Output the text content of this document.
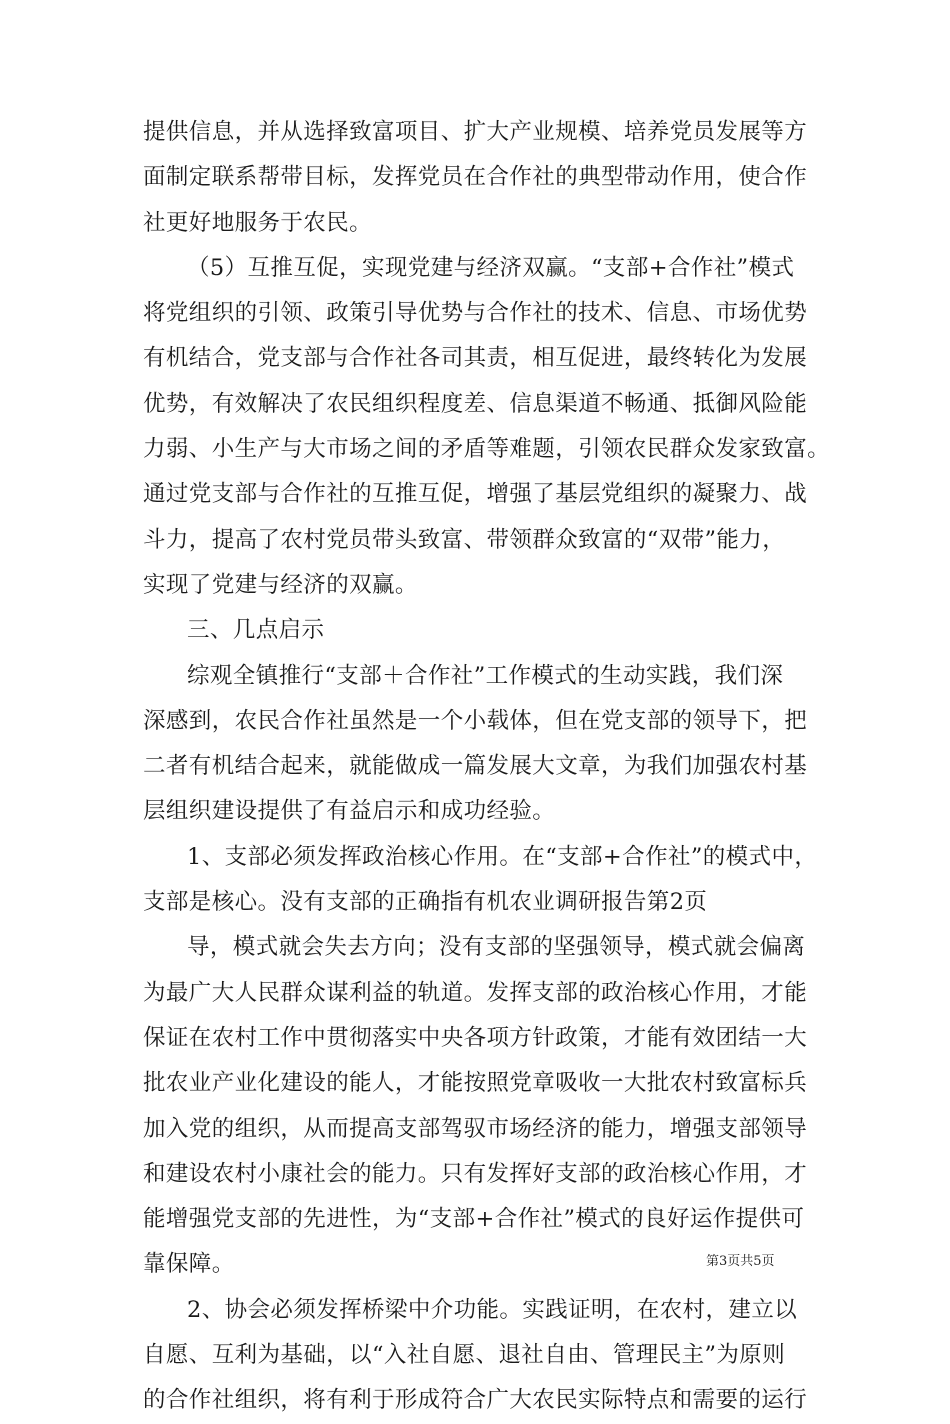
提供信息，并从选择致富项目、扩大产业规模、培养党员发展等方
面制定联系帮带目标，发挥党员在合作社的典型带动作用，使合作
社更好地服务于农民。
（5）互推互促，实现党建与经济双赢。“支部+合作社”模式
将党组织的引领、政策引导优势与合作社的技术、信息、市场优势
有机结合，党支部与合作社各司其责，相互促进，最终转化为发展
优势，有效解决了农民组织程度差、信息渠道不畅通、抵御风险能
力弱、小生产与大市场之间的矛盾等难题，引领农民群众发家致富。
通过党支部与合作社的互推互促，增强了基层党组织的凝聚力、战
斗力，提高了农村党员带头致富、带领群众致富的“双带”能力，
实现了党建与经济的双赢。
三、几点启示
综观全镇推行“支部＋合作社”工作模式的生动实践，我们深
深感到，农民合作社虽然是一个小载体，但在党支部的领导下，把
二者有机结合起来，就能做成一篇发展大文章，为我们加强农村基
层组织建设提供了有益启示和成功经验。
1、支部必须发挥政治核心作用。在“支部+合作社”的模式中，
支部是核心。没有支部的正确指有机农业调研报告第2页
导，模式就会失去方向；没有支部的坚强领导，模式就会偏离
为最广大人民群众谋利益的轨道。发挥支部的政治核心作用，才能
保证在农村工作中贯彻落实中央各项方针政策，才能有效团结一大
批农业产业化建设的能人，才能按照党章吸收一大批农村致富标兵
加入党的组织，从而提高支部驾驭市场经济的能力，增强支部领导
和建设农村小康社会的能力。只有发挥好支部的政治核心作用，才
能增强党支部的先进性，为“支部+合作社”模式的良好运作提供可
靠保障。
2、协会必须发挥桥梁中介功能。实践证明，在农村，建立以
自愿、互利为基础，以“入社自愿、退社自由、管理民主”为原则
的合作社组织，将有利于形成符合广大农民实际特点和需要的运行
第3页共5页
